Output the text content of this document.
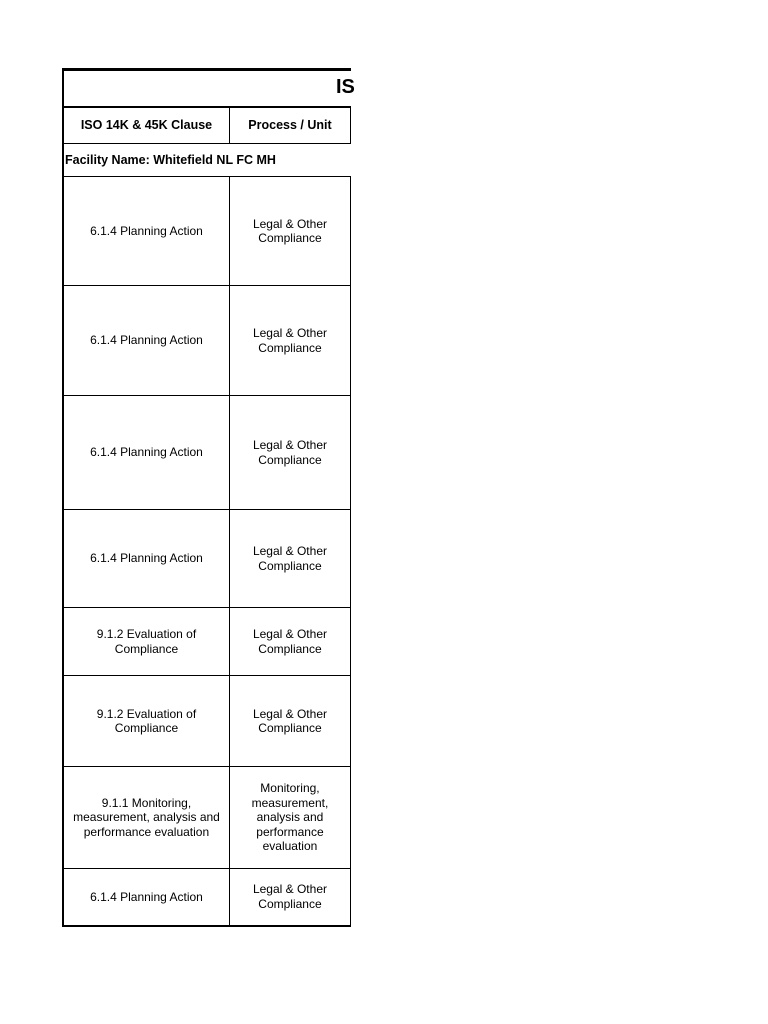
IS
ISO 14K & 45K Clause	Process / Unit
Facility Name: Whitefield NL FC MH	
6.1.4 Planning Action	Legal & Other Compliance
6.1.4 Planning Action	Legal & Other Compliance
6.1.4 Planning Action	Legal & Other Compliance
6.1.4 Planning Action	Legal & Other Compliance
9.1.2 Evaluation of Compliance	Legal & Other Compliance
9.1.2 Evaluation of Compliance	Legal & Other Compliance
9.1.1 Monitoring, measurement, analysis and performance evaluation	Monitoring, measurement, analysis and performance evaluation
6.1.4 Planning Action	Legal & Other Compliance
